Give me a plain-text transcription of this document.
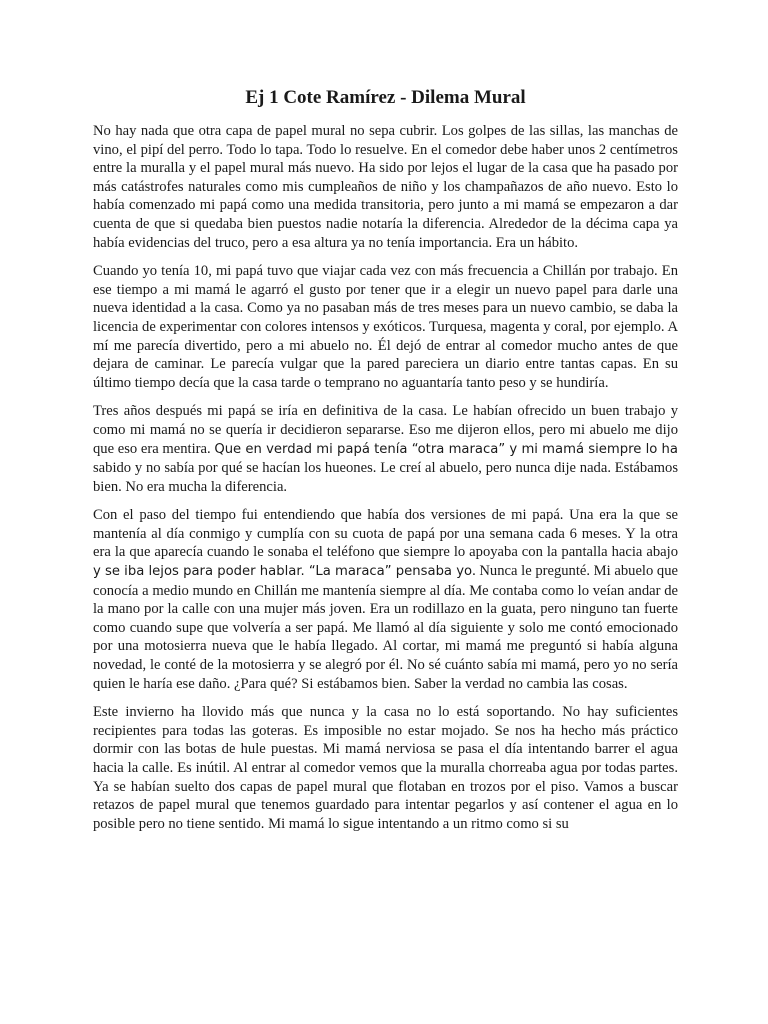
Ej 1 Cote Ramírez - Dilema Mural

No hay nada que otra capa de papel mural no sepa cubrir. Los golpes de las sillas, las manchas de vino, el pipí del perro. Todo lo tapa. Todo lo resuelve. En el comedor debe haber unos 2 centímetros entre la muralla y el papel mural más nuevo. Ha sido por lejos el lugar de la casa que ha pasado por más catástrofes naturales como mis cumpleaños de niño y los champañazos de año nuevo. Esto lo había comenzado mi papá como una medida transitoria, pero junto a mi mamá se empezaron a dar cuenta de que si quedaba bien puestos nadie notaría la diferencia. Alrededor de la décima capa ya había evidencias del truco, pero a esa altura ya no tenía importancia. Era un hábito.

Cuando yo tenía 10, mi papá tuvo que viajar cada vez con más frecuencia a Chillán por trabajo. En ese tiempo a mi mamá le agarró el gusto por tener que ir a elegir un nuevo papel para darle una nueva identidad a la casa. Como ya no pasaban más de tres meses para un nuevo cambio, se daba la licencia de experimentar con colores intensos y exóticos. Turquesa, magenta y coral, por ejemplo. A mí me parecía divertido, pero a mi abuelo no. Él dejó de entrar al comedor mucho antes de que dejara de caminar. Le parecía vulgar que la pared pareciera un diario entre tantas capas. En su último tiempo decía que la casa tarde o temprano no aguantaría tanto peso y se hundiría.

Tres años después mi papá se iría en definitiva de la casa. Le habían ofrecido un buen trabajo y como mi mamá no se quería ir decidieron separarse. Eso me dijeron ellos, pero mi abuelo me dijo que eso era mentira. Que en verdad mi papá tenía “otra maraca” y mi mamá siempre lo ha sabido y no sabía por qué se hacían los hueones. Le creí al abuelo, pero nunca dije nada. Estábamos bien. No era mucha la diferencia.

Con el paso del tiempo fui entendiendo que había dos versiones de mi papá. Una era la que se mantenía al día conmigo y cumplía con su cuota de papá por una semana cada 6 meses. Y la otra era la que aparecía cuando le sonaba el teléfono que siempre lo apoyaba con la pantalla hacia abajo y se iba lejos para poder hablar. “La maraca” pensaba yo. Nunca le pregunté. Mi abuelo que conocía a medio mundo en Chillán me mantenía siempre al día. Me contaba como lo veían andar de la mano por la calle con una mujer más joven. Era un rodillazo en la guata, pero ninguno tan fuerte como cuando supe que volvería a ser papá. Me llamó al día siguiente y solo me contó emocionado por una motosierra nueva que le había llegado. Al cortar, mi mamá me preguntó si había alguna novedad, le conté de la motosierra y se alegró por él. No sé cuánto sabía mi mamá, pero yo no sería quien le haría ese daño. ¿Para qué? Si estábamos bien. Saber la verdad no cambia las cosas.

Este invierno ha llovido más que nunca y la casa no lo está soportando. No hay suficientes recipientes para todas las goteras. Es imposible no estar mojado. Se nos ha hecho más práctico dormir con las botas de hule puestas. Mi mamá nerviosa se pasa el día intentando barrer el agua hacia la calle. Es inútil. Al entrar al comedor vemos que la muralla chorreaba agua por todas partes. Ya se habían suelto dos capas de papel mural que flotaban en trozos por el piso. Vamos a buscar retazos de papel mural que tenemos guardado para intentar pegarlos y así contener el agua en lo posible pero no tiene sentido. Mi mamá lo sigue intentando a un ritmo como si su
